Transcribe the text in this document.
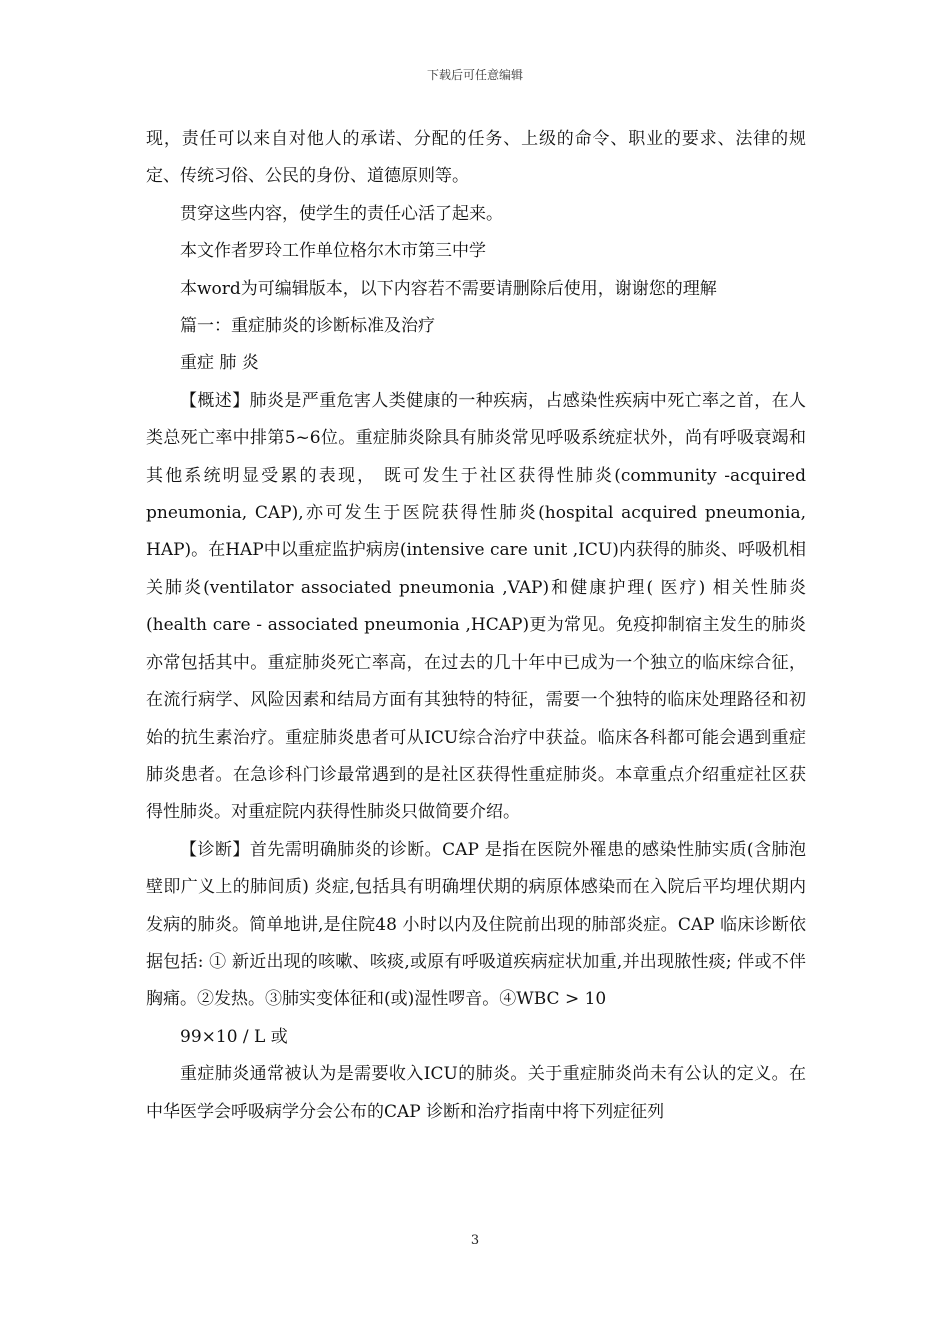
下载后可任意编辑

现，责任可以来自对他人的承诺、分配的任务、上级的命令、职业的要求、法律的规定、传统习俗、公民的身份、道德原则等。

贯穿这些内容，使学生的责任心活了起来。

本文作者罗玲工作单位格尔木市第三中学

本word为可编辑版本，以下内容若不需要请删除后使用，谢谢您的理解

篇一：重症肺炎的诊断标准及治疗

重症 肺 炎

【概述】肺炎是严重危害人类健康的一种疾病，占感染性疾病中死亡率之首，在人类总死亡率中排第5~6位。重症肺炎除具有肺炎常见呼吸系统症状外，尚有呼吸衰竭和其他系统明显受累的表现， 既可发生于社区获得性肺炎(community -acquired pneumonia, CAP),亦可发生于医院获得性肺炎(hospital acquired pneumonia, HAP)。在HAP中以重症监护病房(intensive care unit ,ICU)内获得的肺炎、呼吸机相关肺炎(ventilator associated pneumonia ,VAP)和健康护理( 医疗) 相关性肺炎(health care - associated pneumonia ,HCAP)更为常见。免疫抑制宿主发生的肺炎亦常包括其中。重症肺炎死亡率高，在过去的几十年中已成为一个独立的临床综合征，在流行病学、风险因素和结局方面有其独特的特征，需要一个独特的临床处理路径和初始的抗生素治疗。重症肺炎患者可从ICU综合治疗中获益。临床各科都可能会遇到重症肺炎患者。在急诊科门诊最常遇到的是社区获得性重症肺炎。本章重点介绍重症社区获得性肺炎。对重症院内获得性肺炎只做简要介绍。

【诊断】首先需明确肺炎的诊断。CAP 是指在医院外罹患的感染性肺实质(含肺泡壁即广义上的肺间质) 炎症,包括具有明确埋伏期的病原体感染而在入院后平均埋伏期内发病的肺炎。简单地讲,是住院48 小时以内及住院前出现的肺部炎症。CAP 临床诊断依据包括: ① 新近出现的咳嗽、咳痰,或原有呼吸道疾病症状加重,并出现脓性痰; 伴或不伴胸痛。②发热。③肺实变体征和(或)湿性啰音。④WBC > 10

99×10 / L 或

重症肺炎通常被认为是需要收入ICU的肺炎。关于重症肺炎尚未有公认的定义。在中华医学会呼吸病学分会公布的CAP 诊断和治疗指南中将下列症征列

3
